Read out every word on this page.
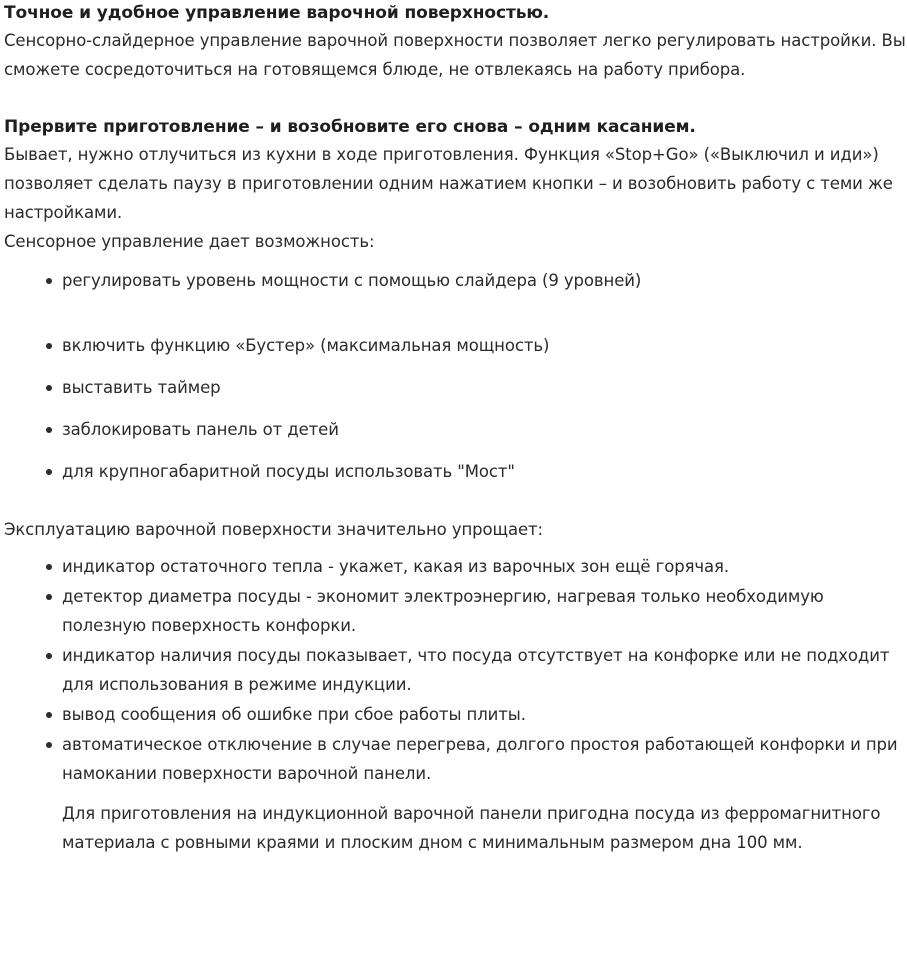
Точное и удобное управление варочной поверхностью.

Сенсорно-слайдерное управление варочной поверхности позволяет легко регулировать настройки. Вы сможете сосредоточиться на готовящемся блюде, не отвлекаясь на работу прибора.

Прервите приготовление – и возобновите его снова – одним касанием.

Бывает, нужно отлучиться из кухни в ходе приготовления. Функция «Stop+Go» («Выключил и иди») позволяет сделать паузу в приготовлении одним нажатием кнопки – и возобновить работу с теми же настройками.

Сенсорное управление дает возможность:

регулировать уровень мощности с помощью слайдера (9 уровней)
включить функцию «Бустер» (максимальная мощность)
выставить таймер
заблокировать панель от детей
для крупногабаритной посуды использовать "Мост"

Эксплуатацию варочной поверхности значительно упрощает:

индикатор остаточного тепла - укажет, какая из варочных зон ещё горячая.
детектор диаметра посуды - экономит электроэнергию, нагревая только необходимую полезную поверхность конфорки.
индикатор наличия посуды показывает, что посуда отсутствует на конфорке или не подходит для использования в режиме индукции.
вывод сообщения об ошибке при сбое работы плиты.
автоматическое отключение в случае перегрева, долгого простоя работающей конфорки и при намокании поверхности варочной панели.

Для приготовления на индукционной варочной панели пригодна посуда из ферромагнитного материала с ровными краями и плоским дном с минимальным размером дна 100 мм.
